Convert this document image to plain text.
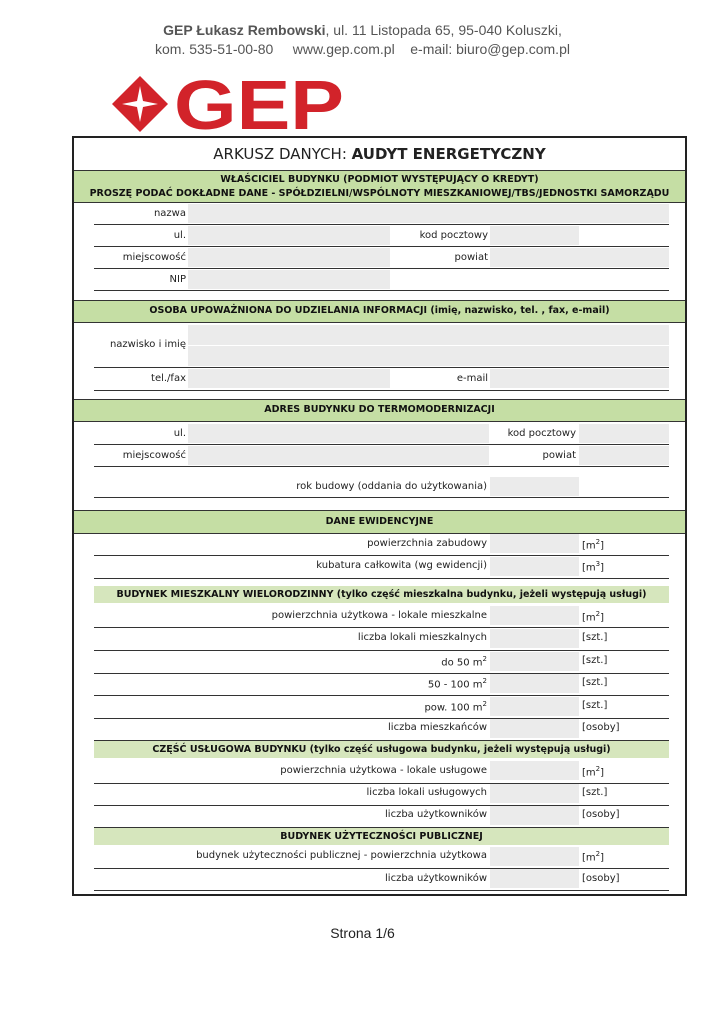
GEP Łukasz Rembowski, ul. 11 Listopada 65, 95-040 Koluszki,
kom. 535-51-00-80 www.gep.com.pl e-mail: biuro@gep.com.pl
GEP
ARKUSZ DANYCH: AUDYT ENERGETYCZNY
WŁAŚCICIEL BUDYNKU (PODMIOT WYSTĘPUJĄCY O KREDYT)
PROSZĘ PODAĆ DOKŁADNE DANE - SPÓŁDZIELNI/WSPÓLNOTY MIESZKANIOWEJ/TBS/JEDNOSTKI SAMORZĄDU
nazwa
ul.	kod pocztowy
miejscowość	powiat
NIP
OSOBA UPOWAŻNIONA DO UDZIELANIA INFORMACJI (imię, nazwisko, tel. , fax, e-mail)
nazwisko i imię
tel./fax	e-mail
ADRES BUDYNKU DO TERMOMODERNIZACJI
ul.	kod pocztowy
miejscowość	powiat
rok budowy (oddania do użytkowania)
DANE EWIDENCYJNE
powierzchnia zabudowy	$[m^2]$
kubatura całkowita (wg ewidencji)	$[m^3]$
BUDYNEK MIESZKALNY WIELORODZINNY (tylko część mieszkalna budynku, jeżeli występują usługi)
powierzchnia użytkowa - lokale mieszkalne	$[m^2]$
liczba lokali mieszkalnych	[szt.]
do 50 $m^2$	[szt.]
50 - 100 $m^2$	[szt.]
pow. 100 $m^2$	[szt.]
liczba mieszkańców	[osoby]
CZĘŚĆ USŁUGOWA BUDYNKU (tylko część usługowa budynku, jeżeli występują usługi)
powierzchnia użytkowa - lokale usługowe	$[m^2]$
liczba lokali usługowych	[szt.]
liczba użytkowników	[osoby]
BUDYNEK UŻYTECZNOŚCI PUBLICZNEJ
budynek użyteczności publicznej - powierzchnia użytkowa	$[m^2]$
liczba użytkowników	[osoby]
Strona 1/6
